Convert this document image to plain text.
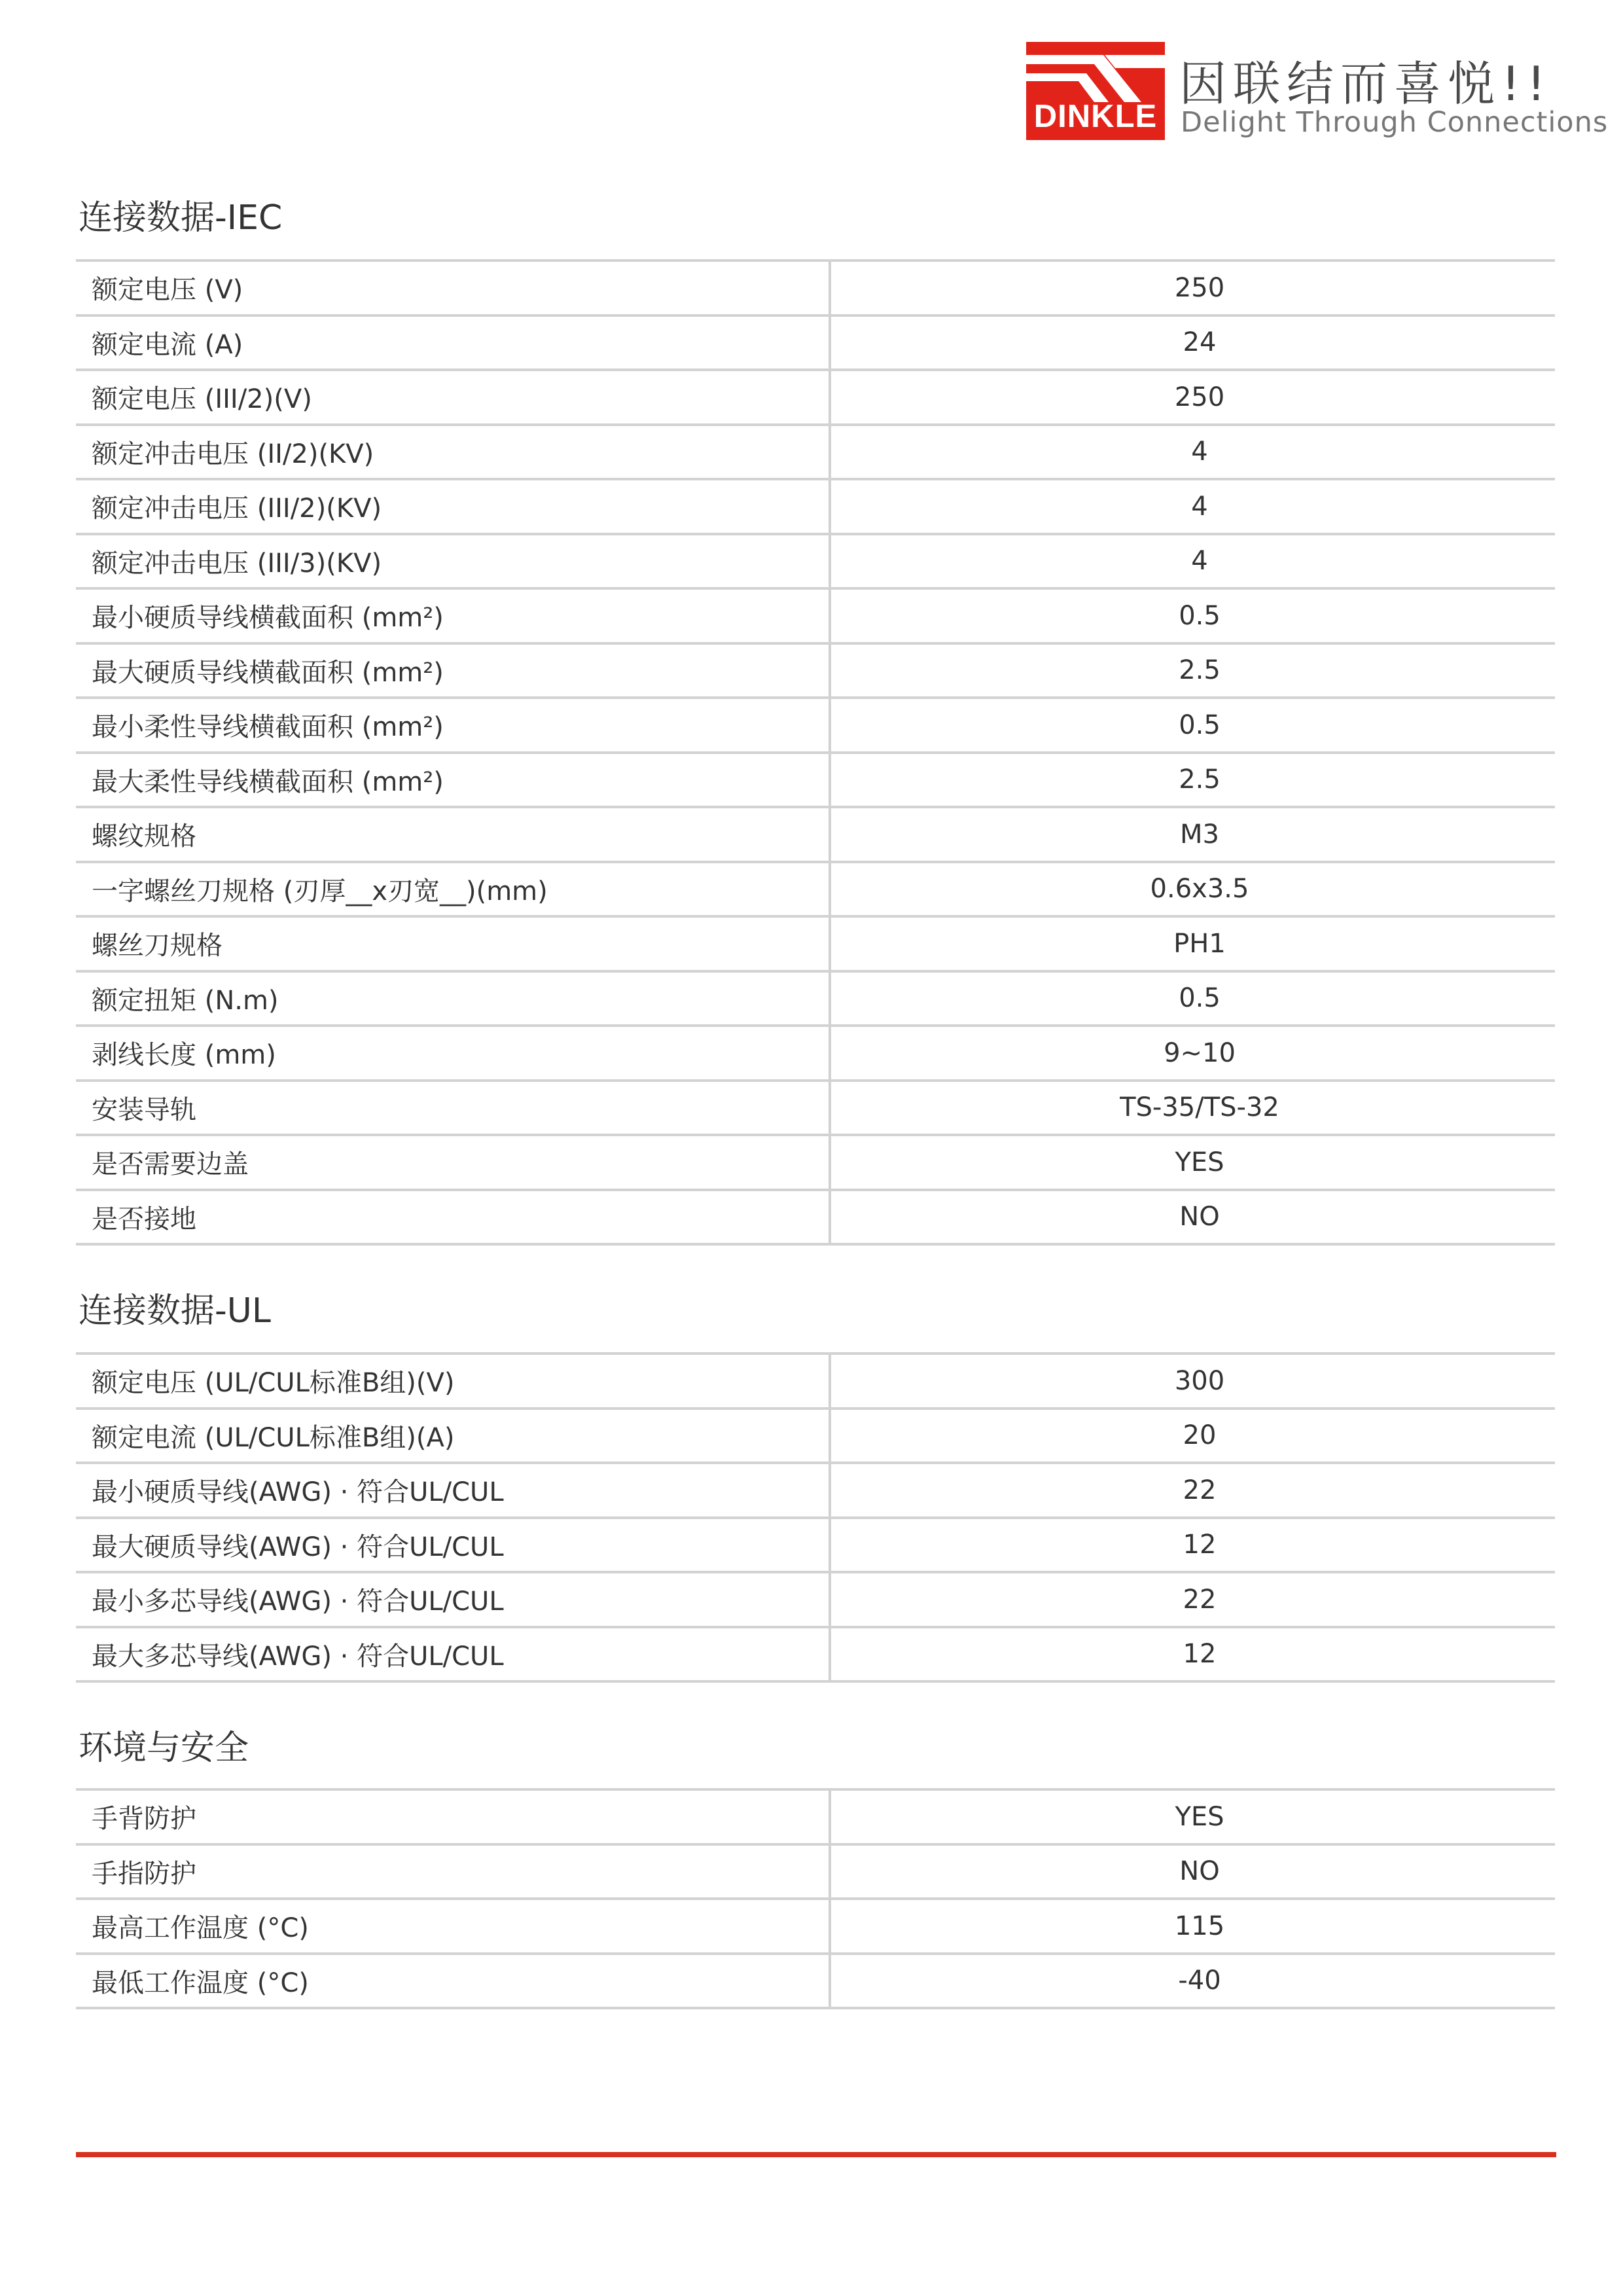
DINKLE
因联结而喜悦!!
Delight Through Connections
连接数据-IEC
额定电压 (V)	250
额定电流 (A)	24
额定电压 (III/2)(V)	250
额定冲击电压 (II/2)(KV)	4
额定冲击电压 (III/2)(KV)	4
额定冲击电压 (III/3)(KV)	4
最小硬质导线横截面积 (mm²)	0.5
最大硬质导线横截面积 (mm²)	2.5
最小柔性导线横截面积 (mm²)	0.5
最大柔性导线横截面积 (mm²)	2.5
螺纹规格	M3
一字螺丝刀规格 (刃厚__x刃宽__)(mm)	0.6x3.5
螺丝刀规格	PH1
额定扭矩 (N.m)	0.5
剥线长度 (mm)	9~10
安装导轨	TS-35/TS-32
是否需要边盖	YES
是否接地	NO
连接数据-UL
额定电压 (UL/CUL标准B组)(V)	300
额定电流 (UL/CUL标准B组)(A)	20
最小硬质导线(AWG) · 符合UL/CUL	22
最大硬质导线(AWG) · 符合UL/CUL	12
最小多芯导线(AWG) · 符合UL/CUL	22
最大多芯导线(AWG) · 符合UL/CUL	12
环境与安全
手背防护	YES
手指防护	NO
最高工作温度 (°C)	115
最低工作温度 (°C)	-40
